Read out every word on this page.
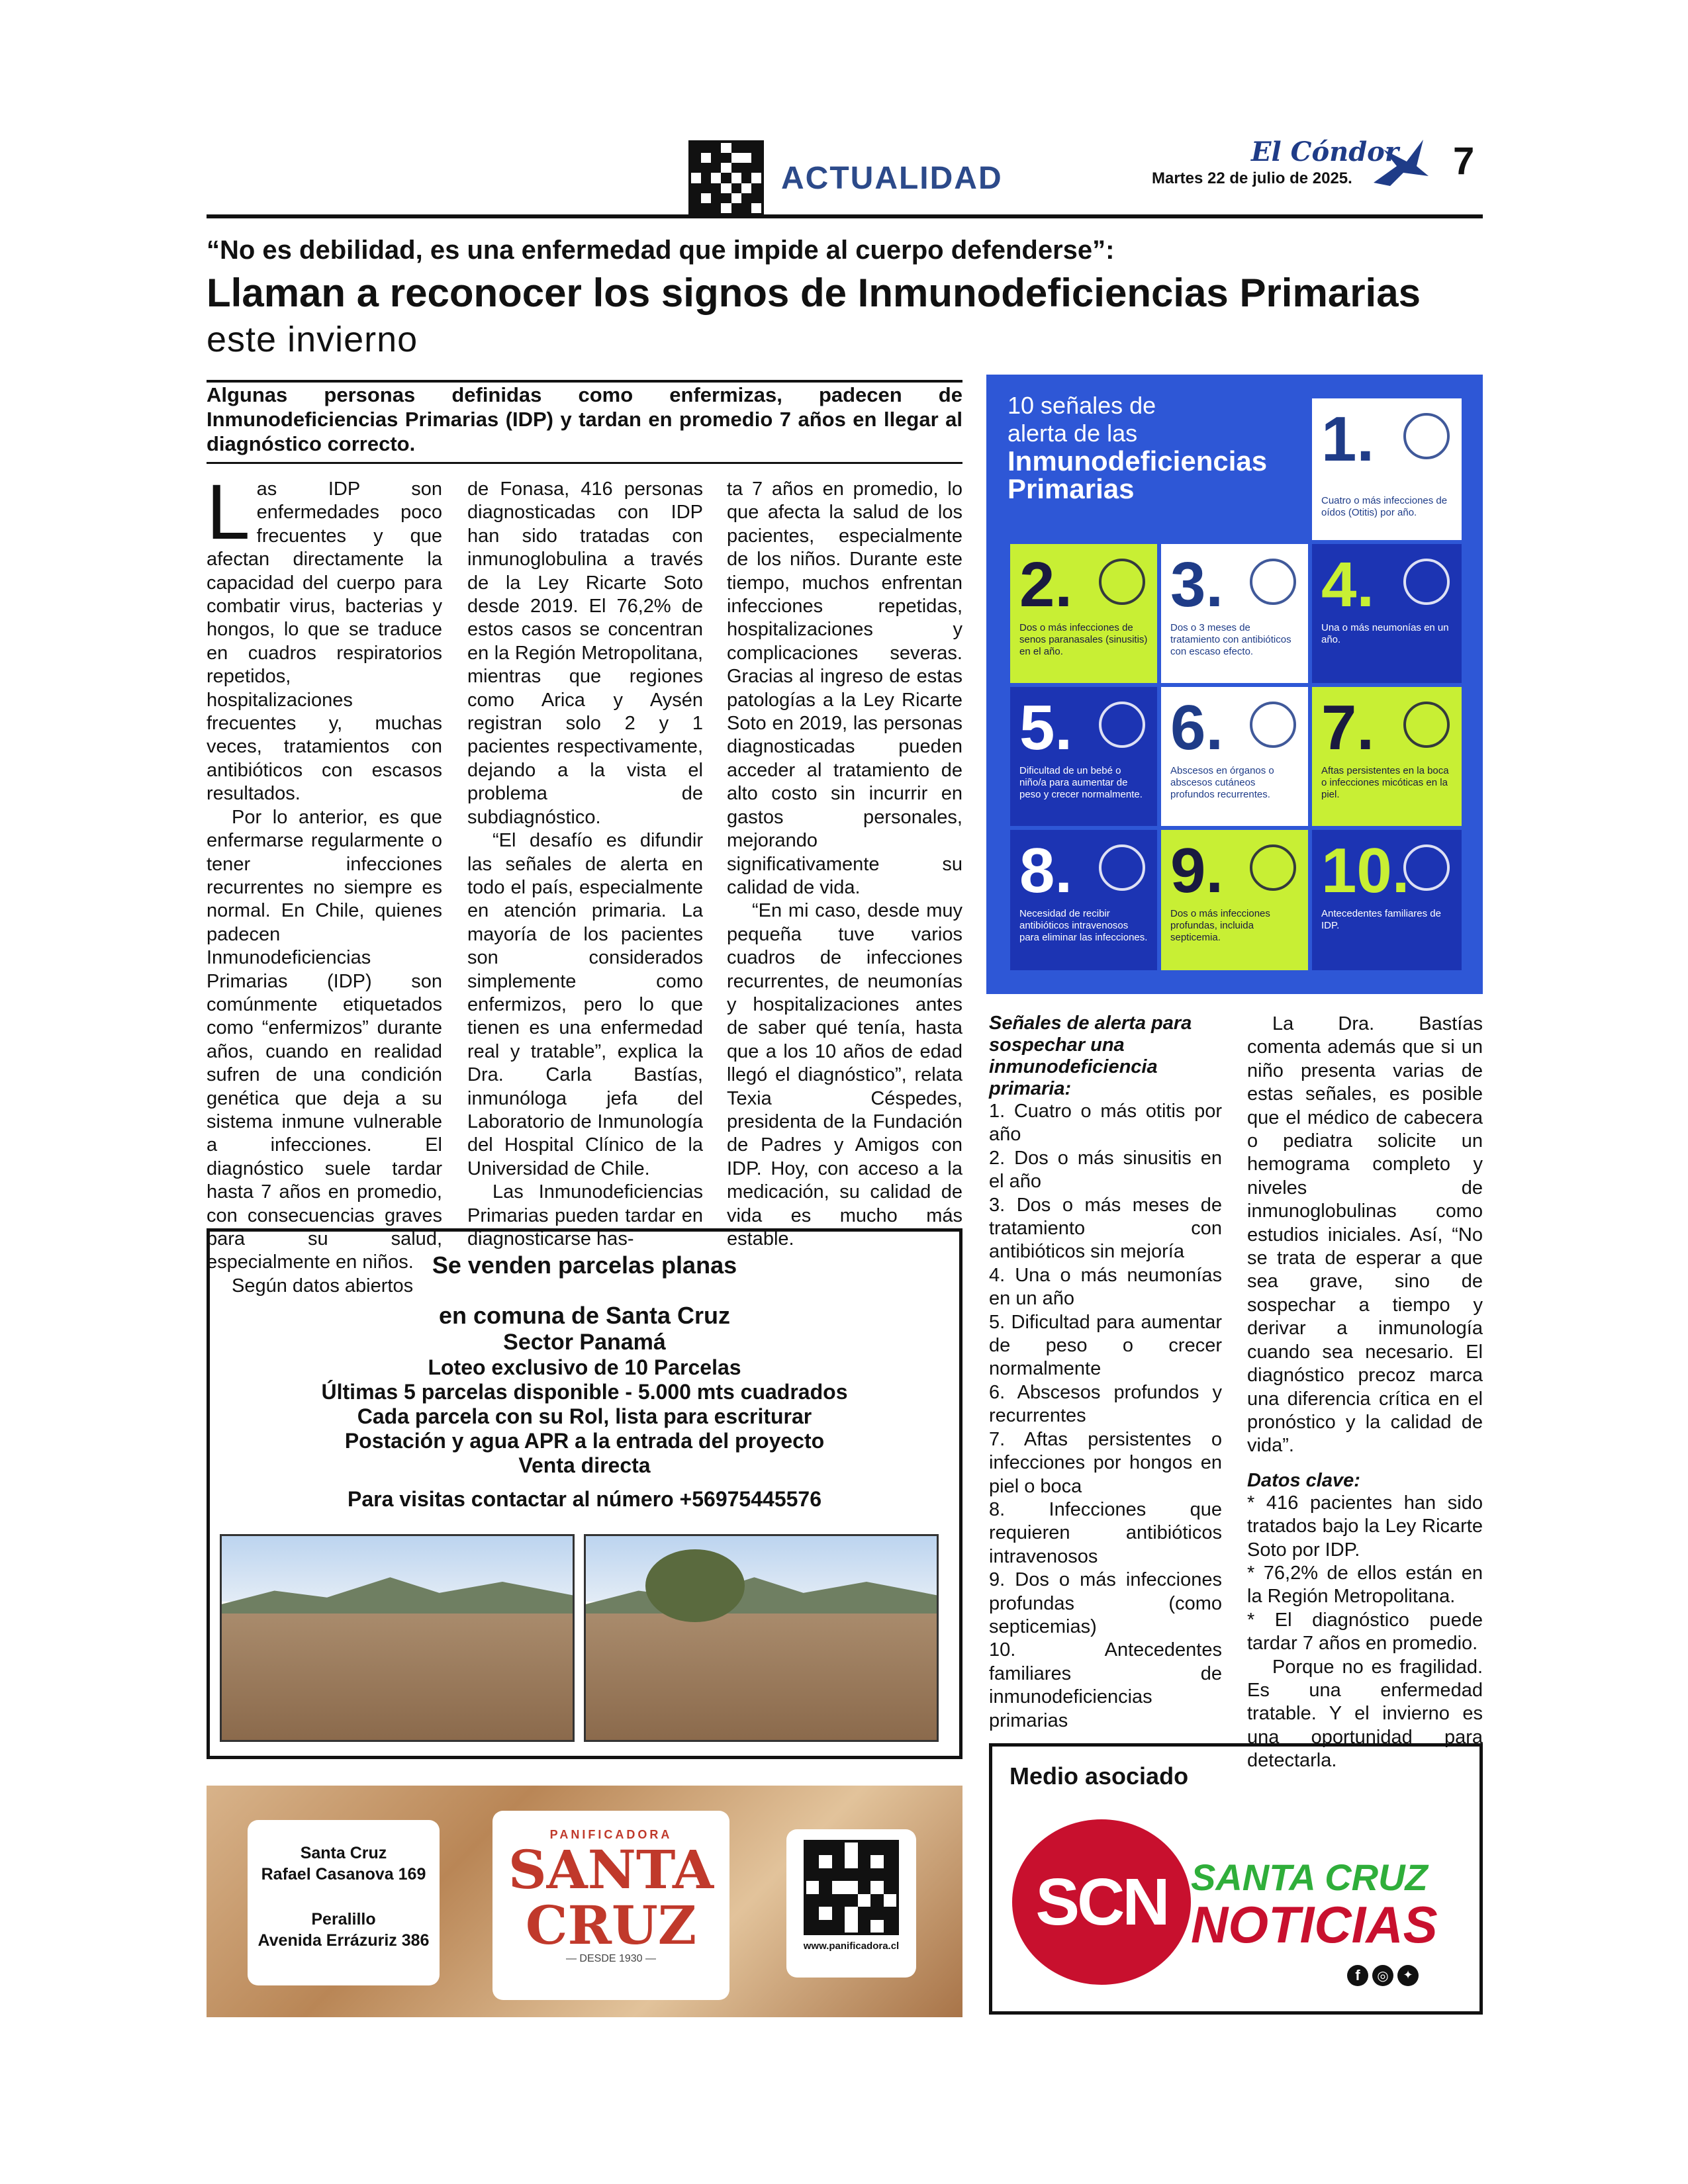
ACTUALIDAD
El Cóndor
Martes 22 de julio de 2025.	7
“No es debilidad, es una enfermedad que impide al cuerpo defenderse”:
Llaman a reconocer los signos de Inmunodeficiencias Primarias
este invierno
Algunas personas definidas como enfermizas, padecen de Inmunodeficiencias Primarias (IDP) y tardan en promedio 7 años en llegar al diagnóstico correcto.

Las IDP son enfermedades poco frecuentes y que afectan directamente la capacidad del cuerpo para combatir virus, bacterias y hongos, lo que se traduce en cuadros respiratorios repetidos, hospitalizaciones frecuentes y, muchas veces, tratamientos con antibióticos con escasos resultados.

Por lo anterior, es que enfermarse regularmente o tener infecciones recurrentes no siempre es normal. En Chile, quienes padecen Inmunodeficiencias Primarias (IDP) son comúnmente etiquetados como “enfermizos” durante años, cuando en realidad sufren de una condición genética que deja a su sistema inmune vulnerable a infecciones. El diagnóstico suele tardar hasta 7 años en promedio, con consecuencias graves para su salud, especialmente en niños.

Según datos abiertos

de Fonasa, 416 personas diagnosticadas con IDP han sido tratadas con inmunoglobulina a través de la Ley Ricarte Soto desde 2019. El 76,2% de estos casos se concentran en la Región Metropolitana, mientras que regiones como Arica y Aysén registran solo 2 y 1 pacientes respectivamente, dejando a la vista el problema de subdiagnóstico.

“El desafío es difundir las señales de alerta en todo el país, especialmente en atención primaria. La mayoría de los pacientes son considerados simplemente como enfermizos, pero lo que tienen es una enfermedad real y tratable”, explica la Dra. Carla Bastías, inmunóloga jefa del Laboratorio de Inmunología del Hospital Clínico de la Universidad de Chile.

Las Inmunodeficiencias Primarias pueden tardar en diagnosticarse has-

ta 7 años en promedio, lo que afecta la salud de los pacientes, especialmente de los niños. Durante este tiempo, muchos enfrentan infecciones repetidas, hospitalizaciones y complicaciones severas. Gracias al ingreso de estas patologías a la Ley Ricarte Soto en 2019, las personas diagnosticadas pueden acceder al tratamiento de alto costo sin incurrir en gastos personales, mejorando significativamente su calidad de vida.

“En mi caso, desde muy pequeña tuve varios cuadros de infecciones recurrentes, de neumonías y hospitalizaciones antes de saber qué tenía, hasta que a los 10 años de edad llegó el diagnóstico”, relata Texia Céspedes, presidenta de la Fundación de Padres y Amigos con IDP. Hoy, con acceso a la medicación, su calidad de vida es mucho más estable.

10 señales de
alerta de las
Inmunodeficiencias
Primarias
1.
Cuatro o más infecciones de oídos (Otitis) por año.
2.
Dos o más infecciones de senos paranasales (sinusitis) en el año.
3.
Dos o 3 meses de tratamiento con antibióticos con escaso efecto.
4.
Una o más neumonías en un año.
5.
Dificultad de un bebé o niño/a para aumentar de peso y crecer normalmente.
6.
Abscesos en órganos o abscesos cutáneos profundos recurrentes.
7.
Aftas persistentes en la boca o infecciones micóticas en la piel.
8.
Necesidad de recibir antibióticos intravenosos para eliminar las infecciones.
9.
Dos o más infecciones profundas, incluida septicemia.
10.
Antecedentes familiares de IDP.
Señales de alerta para sospechar una inmunodeficiencia primaria:
1. Cuatro o más otitis por año
2. Dos o más sinusitis en el año
3. Dos o más meses de tratamiento con antibióticos sin mejoría
4. Una o más neumonías en un año
5. Dificultad para aumentar de peso o crecer normalmente
6. Abscesos profundos y recurrentes
7. Aftas persistentes o infecciones por hongos en piel o boca
8. Infecciones que requieren antibióticos intravenosos
9. Dos o más infecciones profundas (como septicemias)
10. Antecedentes familiares de inmunodeficiencias primarias

La Dra. Bastías comenta además que si un niño presenta varias de estas señales, es posible que el médico de cabecera o pediatra solicite un hemograma completo y niveles de inmunoglobulinas como estudios iniciales. Así, “No se trata de esperar a que sea grave, sino de sospechar a tiempo y derivar a inmunología cuando sea necesario. El diagnóstico precoz marca una diferencia crítica en el pronóstico y la calidad de vida”.

Datos clave:
* 416 pacientes han sido tratados bajo la Ley Ricarte Soto por IDP.
* 76,2% de ellos están en la Región Metropolitana.
* El diagnóstico puede tardar 7 años en promedio.

Porque no es fragilidad. Es una enfermedad tratable. Y el invierno es una oportunidad para detectarla.

Se venden parcelas planas
en comuna de Santa Cruz
Sector Panamá
Loteo exclusivo de 10 Parcelas
Últimas 5 parcelas disponible - 5.000 mts cuadrados
Cada parcela con su Rol, lista para escriturar
Postación y agua APR a la entrada del proyecto
Venta directa
Para visitas contactar al número +56975445576
Santa Cruz
Rafael Casanova 169
Peralillo
Avenida Errázuriz 386
PANIFICADORA
SANTA
CRUZ
— DESDE 1930 —
www.panificadora.cl
Medio asociado
SCN SANTA CRUZ
NOTICIAS
f	◎	✦
